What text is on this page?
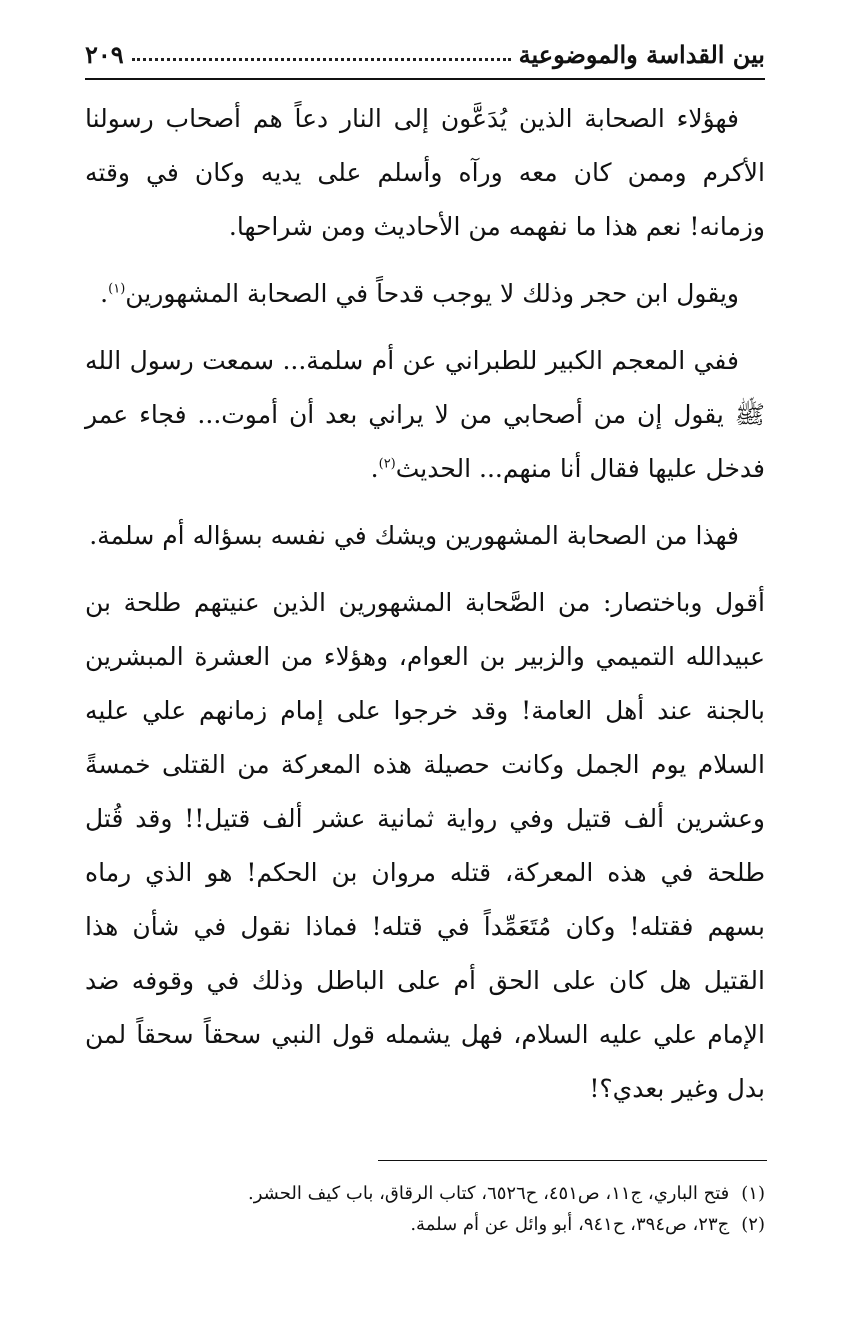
بين القداسة والموضوعية
٢٠٩

فهؤلاء الصحابة الذين يُدَعَّون إلى النار دعاً هم أصحاب رسولنا الأكرم وممن كان معه ورآه وأسلم على يديه وكان في وقته وزمانه! نعم هذا ما نفهمه من الأحاديث ومن شراحها.

ويقول ابن حجر وذلك لا يوجب قدحاً في الصحابة المشهورين$^{(١)}$.

ففي المعجم الكبير للطبراني عن أم سلمة... سمعت رسول الله ﷺ يقول إن من أصحابي من لا يراني بعد أن أموت... فجاء عمر فدخل عليها فقال أنا منهم... الحديث$^{(٢)}$.

فهذا من الصحابة المشهورين ويشك في نفسه بسؤاله أم سلمة.

أقول وباختصار: من الصَّحابة المشهورين الذين عنيتهم طلحة بن عبيدالله التميمي والزبير بن العوام، وهؤلاء من العشرة المبشرين بالجنة عند أهل العامة! وقد خرجوا على إمام زمانهم علي عليه السلام يوم الجمل وكانت حصيلة هذه المعركة من القتلى خمسةً وعشرين ألف قتيل وفي رواية ثمانية عشر ألف قتيل!! وقد قُتل طلحة في هذه المعركة، قتله مروان بن الحكم! هو الذي رماه بسهم فقتله! وكان مُتَعَمِّداً في قتله! فماذا نقول في شأن هذا القتيل هل كان على الحق أم على الباطل وذلك في وقوفه ضد الإمام علي عليه السلام، فهل يشمله قول النبي سحقاً سحقاً لمن بدل وغير بعدي؟!

(١)فتح الباري، ج١١، ص٤٥١، ح٦٥٢٦، كتاب الرقاق، باب كيف الحشر.
(٢)ج٢٣، ص٣٩٤، ح٩٤١، أبو وائل عن أم سلمة.
